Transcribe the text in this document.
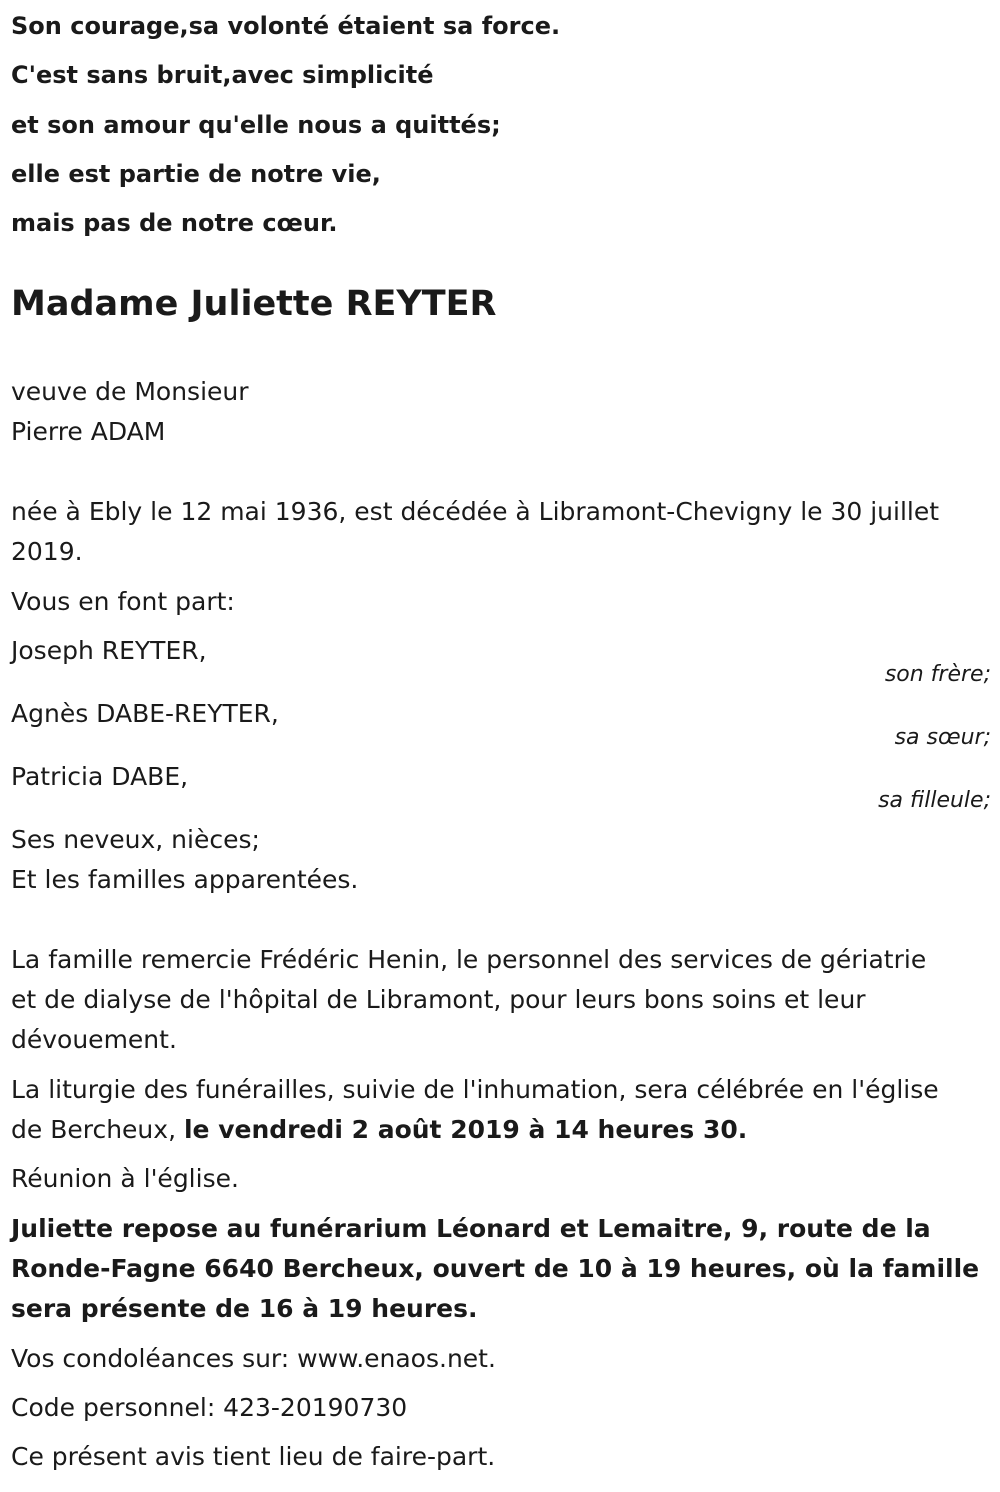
Son courage,sa volonté étaient sa force.
C'est sans bruit,avec simplicité
et son amour qu'elle nous a quittés;
elle est partie de notre vie,
mais pas de notre cœur.
Madame Juliette REYTER
veuve de Monsieur
Pierre ADAM
née à Ebly le 12 mai 1936, est décédée à Libramont-Chevigny le 30 juillet
2019.
Vous en font part:
Joseph REYTER,
son frère;
Agnès DABE-REYTER,
sa sœur;
Patricia DABE,
sa filleule;
Ses neveux, nièces;
Et les familles apparentées.
La famille remercie Frédéric Henin, le personnel des services de gériatrie
et de dialyse de l'hôpital de Libramont, pour leurs bons soins et leur
dévouement.
La liturgie des funérailles, suivie de l'inhumation, sera célébrée en l'église
de Bercheux, le vendredi 2 août 2019 à 14 heures 30.
Réunion à l'église.
Juliette repose au funérarium Léonard et Lemaitre, 9, route de la
Ronde-Fagne 6640 Bercheux, ouvert de 10 à 19 heures, où la famille
sera présente de 16 à 19 heures.
Vos condoléances sur: www.enaos.net.
Code personnel: 423-20190730
Ce présent avis tient lieu de faire-part.
